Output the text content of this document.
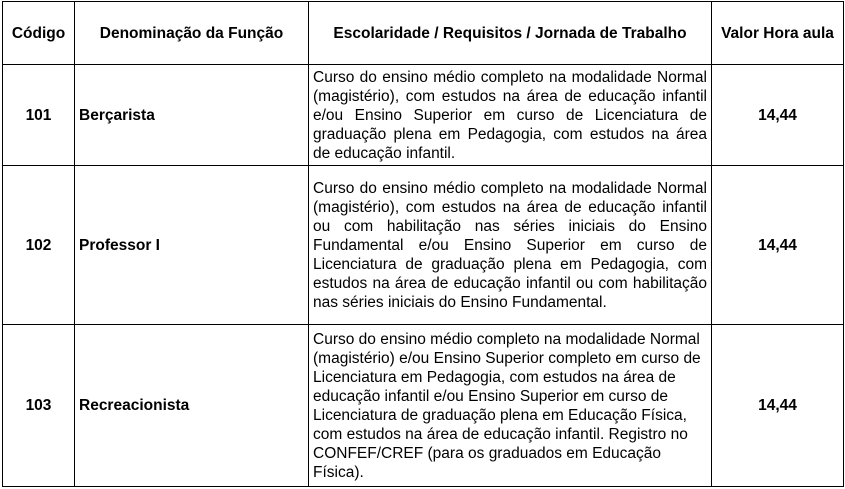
Código	Denominação da Função	Escolaridade / Requisitos / Jornada de Trabalho	Valor Hora aula
101	Berçarista	Curso do ensino médio completo na modalidade Normal (magistério), com estudos na área de educação infantil e/ou Ensino Superior em curso de Licenciatura de graduação plena em Pedagogia, com estudos na área de educação infantil.	14,44
102	Professor I	Curso do ensino médio completo na modalidade Normal (magistério), com estudos na área de educação infantil ou com habilitação nas séries iniciais do Ensino Fundamental e/ou Ensino Superior em curso de Licenciatura de graduação plena em Pedagogia, com estudos na área de educação infantil ou com habilitação nas séries iniciais do Ensino Fundamental.	14,44
103	Recreacionista	Curso do ensino médio completo na modalidade Normal (magistério) e/ou Ensino Superior completo em curso de Licenciatura em Pedagogia, com estudos na área de educação infantil e/ou Ensino Superior em curso de Licenciatura de graduação plena em Educação Física, com estudos na área de educação infantil. Registro no CONFEF/CREF (para os graduados em Educação Física).	14,44
